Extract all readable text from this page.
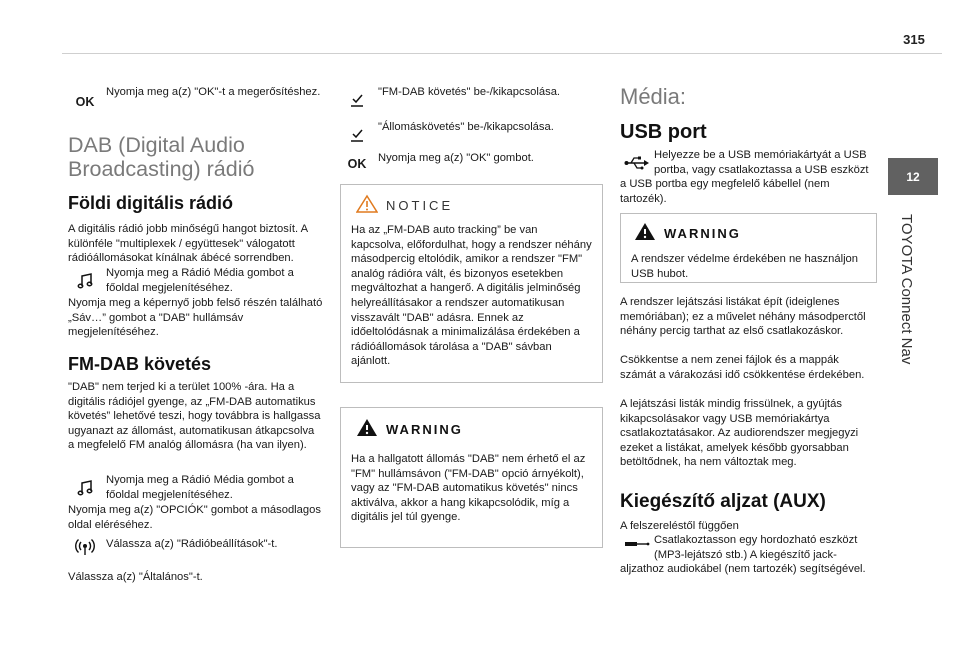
315
12
TOYOTA Connect Nav
OK
Nyomja meg a(z) "OK"-t a megerősítéshez.
DAB (Digital Audio
Broadcasting) rádió
Földi digitális rádió
A digitális rádió jobb minőségű hangot biztosít. A különféle "multiplexek / együttesek" válogatott rádióállomásokat kínálnak ábécé sorrendben.
Nyomja meg a Rádió Média gombot a főoldal megjelenítéséhez.
Nyomja meg a képernyő jobb felső részén található „Sáv…” gombot a "DAB" hullámsáv megjelenítéséhez.
FM-DAB követés
"DAB" nem terjed ki a terület 100% -ára. Ha a digitális rádiójel gyenge, az „FM-DAB automatikus követés” lehetővé teszi, hogy továbbra is hallgassa ugyanazt az állomást, automatikusan átkapcsolva a megfelelő FM analóg állomásra (ha van ilyen).
Nyomja meg a Rádió Média gombot a főoldal megjelenítéséhez.
Nyomja meg a(z) "OPCIÓK" gombot a másodlagos oldal eléréséhez.
Válassza a(z) "Rádióbeállítások"-t.
Válassza a(z) "Általános"-t.
"FM-DAB követés" be-/kikapcsolása.
"Állomáskövetés" be-/kikapcsolása.
OK	Nyomja meg a(z) "OK" gombot.
NOTICE
Ha az „FM-DAB auto tracking” be van kapcsolva, előfordulhat, hogy a rendszer néhány másodpercig eltolódik, amikor a rendszer "FM" analóg rádióra vált, és bizonyos esetekben megváltozhat a hangerő. A digitális jelminőség helyreállításakor a rendszer automatikusan visszavált "DAB" adásra. Ennek az időeltolódásnak a minimalizálása érdekében a rádióállomások tárolása a "DAB" sávban ajánlott.
WARNING
Ha a hallgatott állomás "DAB" nem érhető el az "FM" hullámsávon ("FM-DAB" opció árnyékolt), vagy az "FM-DAB automatikus követés" nincs aktiválva, akkor a hang kikapcsolódik, míg a digitális jel túl gyenge.
Média:
USB port
Helyezze be a USB memóriakártyát a USB portba, vagy csatlakoztassa a USB eszközt a USB portba egy megfelelő kábellel (nem tartozék).
WARNING
A rendszer védelme érdekében ne használjon USB hubot.
A rendszer lejátszási listákat épít (ideiglenes memóriában); ez a művelet néhány másodperctől néhány percig tarthat az első csatlakozáskor.
Csökkentse a nem zenei fájlok és a mappák számát a várakozási idő csökkentése érdekében.
A lejátszási listák mindig frissülnek, a gyújtás kikapcsolásakor vagy USB memóriakártya csatlakoztatásakor. Az audiorendszer megjegyzi ezeket a listákat, amelyek később gyorsabban betöltődnek, ha nem változtak meg.
Kiegészítő aljzat (AUX)
A felszereléstől függően
Csatlakoztasson egy hordozható eszközt (MP3-lejátszó stb.) A kiegészítő jack-aljzathoz audiokábel (nem tartozék) segítségével.
